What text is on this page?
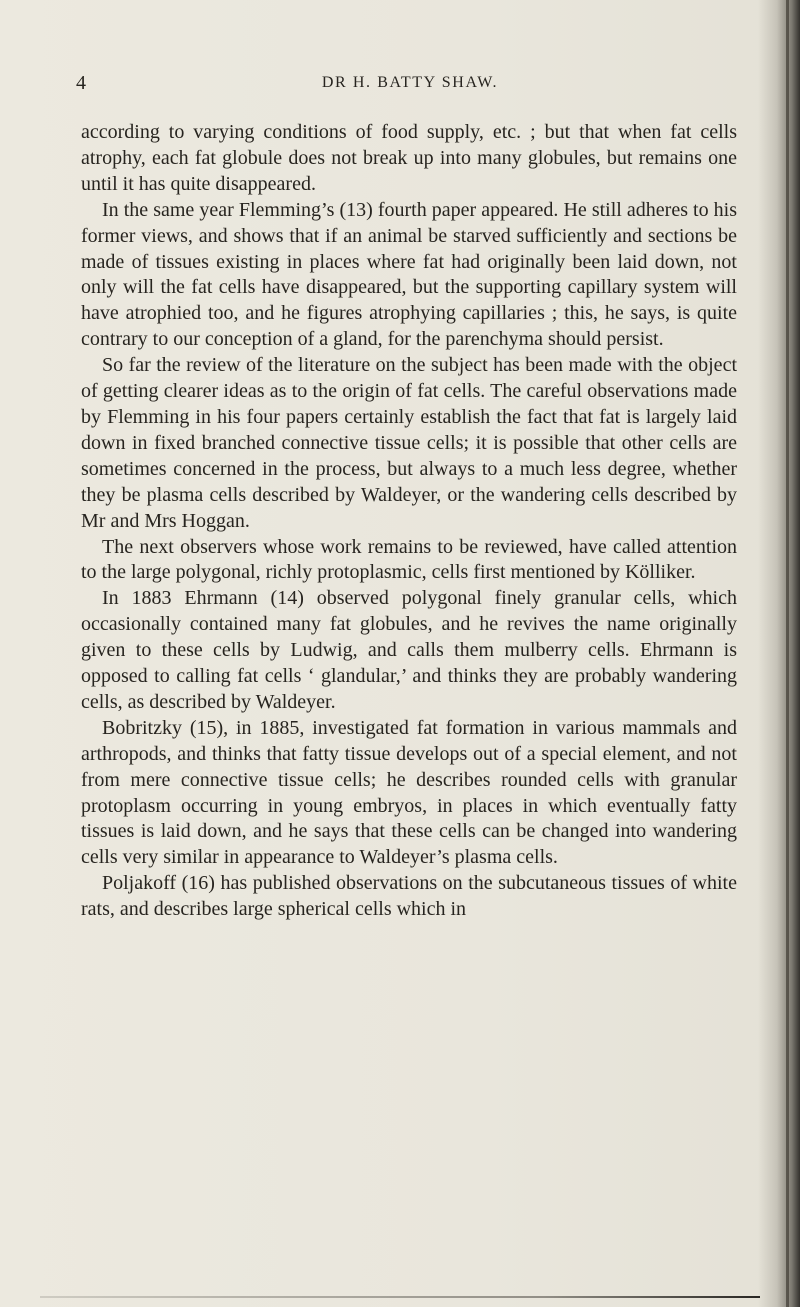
4	DR H. BATTY SHAW.

according to varying conditions of food supply, etc. ; but that when fat cells atrophy, each fat globule does not break up into many globules, but remains one until it has quite disappeared.

In the same year Flemming’s (13) fourth paper appeared. He still adheres to his former views, and shows that if an animal be starved sufficiently and sections be made of tissues existing in places where fat had originally been laid down, not only will the fat cells have disappeared, but the supporting capillary system will have atrophied too, and he figures atrophying capillaries ; this, he says, is quite contrary to our conception of a gland, for the parenchyma should persist.

So far the review of the literature on the subject has been made with the object of getting clearer ideas as to the origin of fat cells. The careful observations made by Flemming in his four papers certainly establish the fact that fat is largely laid down in fixed branched connective tissue cells; it is possible that other cells are sometimes concerned in the process, but always to a much less degree, whether they be plasma cells described by Waldeyer, or the wandering cells described by Mr and Mrs Hoggan.

The next observers whose work remains to be reviewed, have called attention to the large polygonal, richly protoplasmic, cells first mentioned by Kölliker.

In 1883 Ehrmann (14) observed polygonal finely granular cells, which occasionally contained many fat globules, and he revives the name originally given to these cells by Ludwig, and calls them mulberry cells. Ehrmann is opposed to calling fat cells ‘ glandular,’ and thinks they are probably wandering cells, as described by Waldeyer.

Bobritzky (15), in 1885, investigated fat formation in various mammals and arthropods, and thinks that fatty tissue develops out of a special element, and not from mere connective tissue cells; he describes rounded cells with granular protoplasm occurring in young embryos, in places in which eventually fatty tissues is laid down, and he says that these cells can be changed into wandering cells very similar in appearance to Waldeyer’s plasma cells.

Poljakoff (16) has published observations on the subcutaneous tissues of white rats, and describes large spherical cells which in
